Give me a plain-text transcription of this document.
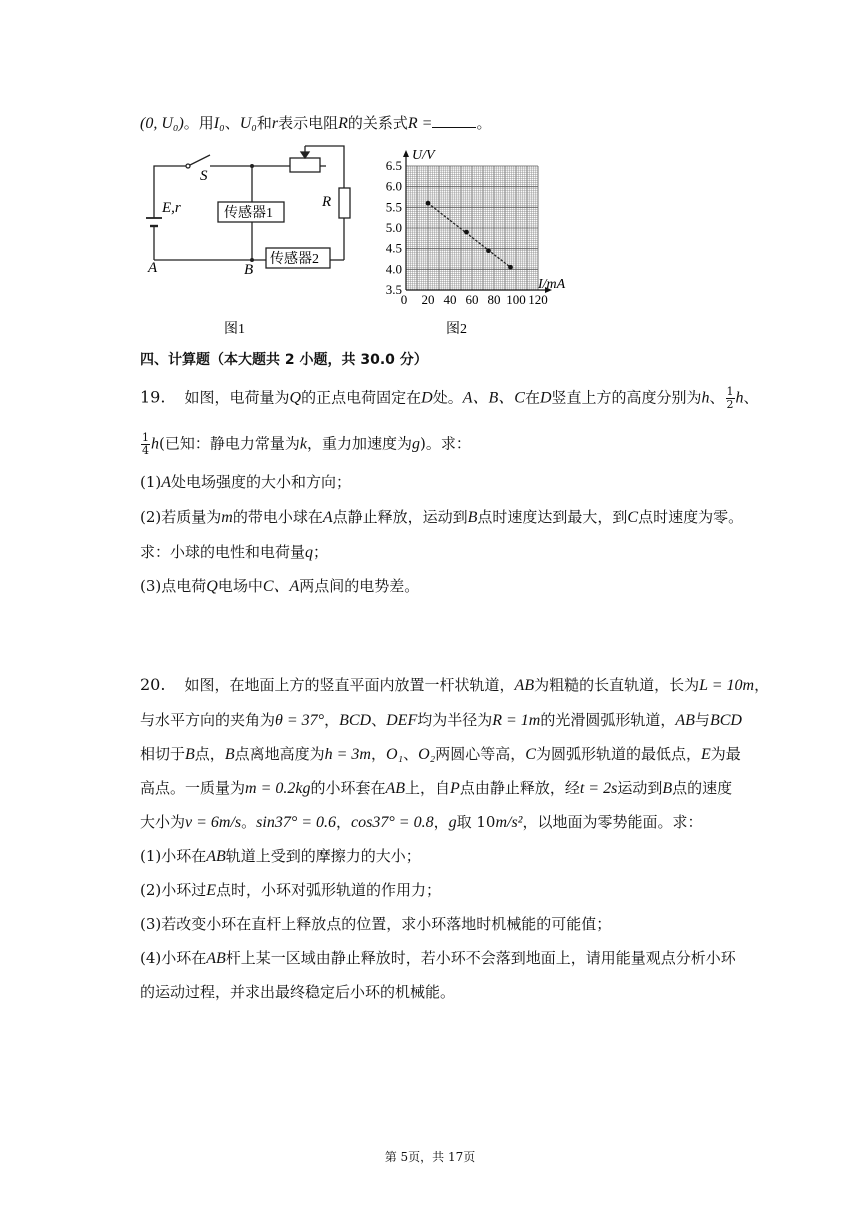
(0, U₀)。用I₀、U₀和r表示电阻R的关系式R =	。
S
E,r	R
A	B
传感器1
传感器2
图1
6.5
6.0
5.5
5.0
4.5
4.0
3.5
0 20 40 60 80 100 120
U/V
I/mA
图2
四、计算题（本大题共 2 小题，共 30.0 分）
19. 如图，电荷量为Q的正点电荷固定在D处。A、B、C在D竖直上方的高度分别为h、 $\frac{1}{2}$ h、
$\frac{1}{4} h$(已知：静电力常量为k，重力加速度为g)。求：
(1)A处电场强度的大小和方向；
(2)若质量为m的带电小球在A点静止释放，运动到B点时速度达到最大，到C点时速度为零。
求：小球的电性和电荷量q；
(3)点电荷Q电场中C、A两点间的电势差。
20. 如图，在地面上方的竖直平面内放置一杆状轨道，AB为粗糙的长直轨道，长为L = 10m，
与水平方向的夹角为θ = 37°，BCD、DEF均为半径为R = 1m的光滑圆弧形轨道，AB与BCD
相切于B点，B点离地高度为h = 3m，O₁、O₂两圆心等高，C为圆弧形轨道的最低点，E为最
高点。一质量为m = 0.2kg的小环套在AB上，自P点由静止释放，经t = 2s运动到B点的速度
大小为v = 6m/s。sin37° = 0.6，cos37° = 0.8，g取 10m/s²，以地面为零势能面。求：
(1)小环在AB轨道上受到的摩擦力的大小；
(2)小环过E点时，小环对弧形轨道的作用力；
(3)若改变小环在直杆上释放点的位置，求小环落地时机械能的可能值；
(4)小环在AB杆上某一区域由静止释放时，若小环不会落到地面上，请用能量观点分析小环
的运动过程，并求出最终稳定后小环的机械能。
第 5页，共 17页
